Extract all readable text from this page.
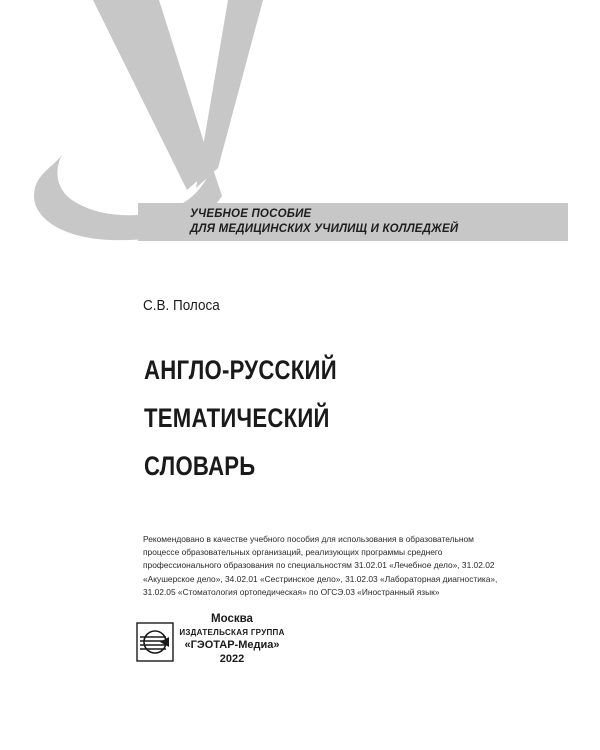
УЧЕБНОЕ ПОСОБИЕ
ДЛЯ МЕДИЦИНСКИХ УЧИЛИЩ И КОЛЛЕДЖЕЙ
С.В. Полоса
АНГЛО-РУССКИЙ
ТЕМАТИЧЕСКИЙ
СЛОВАРЬ
Рекомендовано в качестве учебного пособия для использования в образовательном
процессе образовательных организаций, реализующих программы среднего
профессионального образования по специальностям 31.02.01 «Лечебное дело», 31.02.02
«Акушерское дело», 34.02.01 «Сестринское дело», 31.02.03 «Лабораторная диагностика»,
31.02.05 «Стоматология ортопедическая» по ОГСЭ.03 «Иностранный язык»
Москва
ИЗДАТЕЛЬСКАЯ ГРУППА
«ГЭОТАР-Медиа»
2022
